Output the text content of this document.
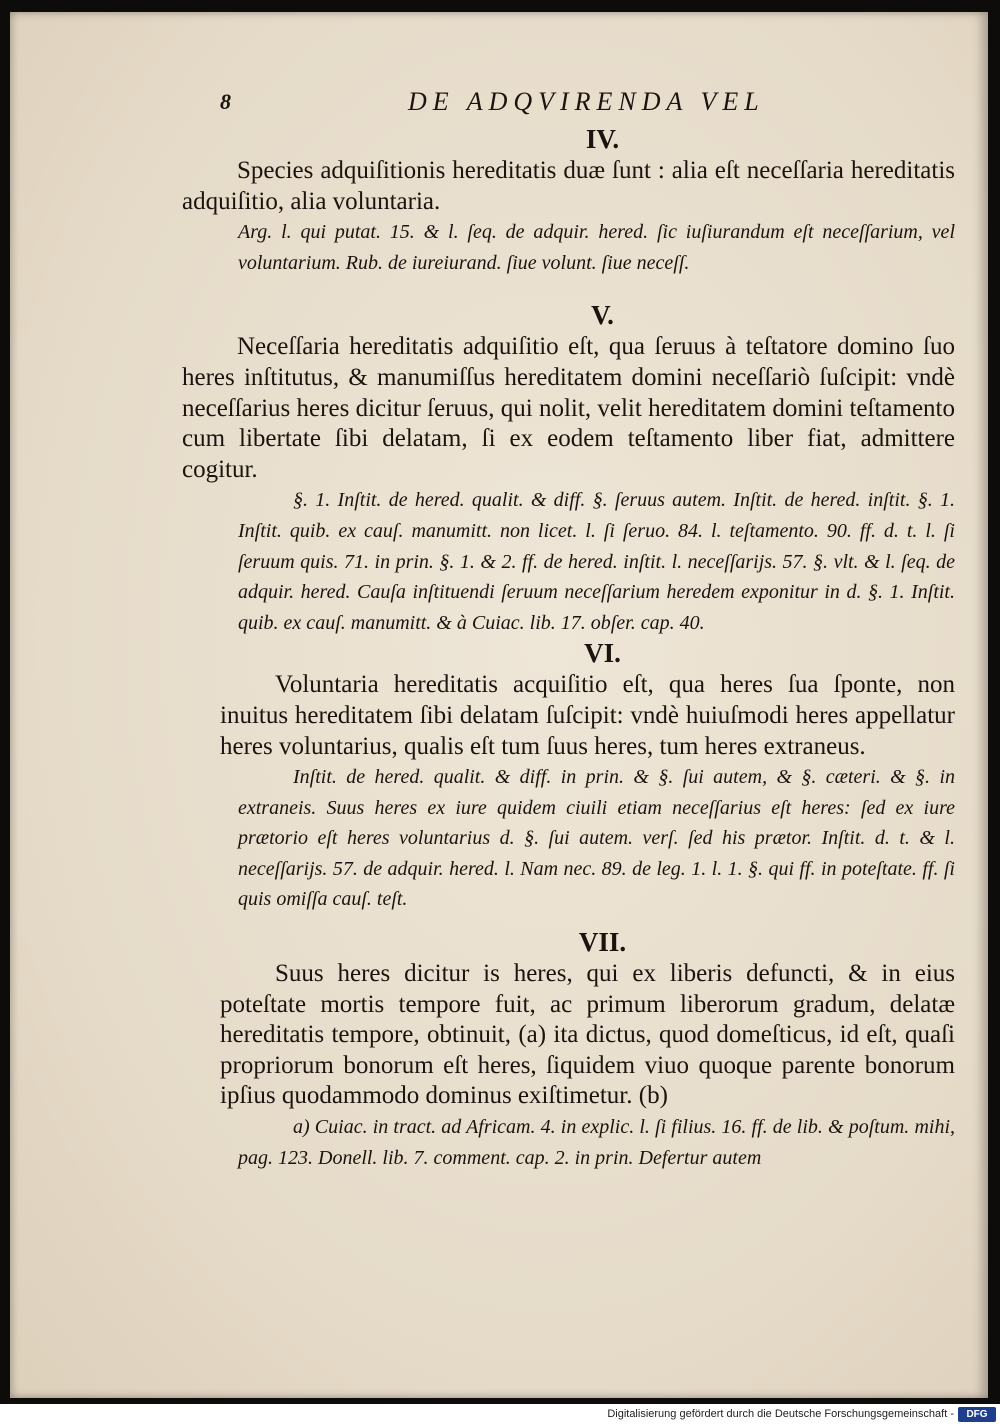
8	DE ADQVIRENDA VEL

IV.

Species adquiſitionis hereditatis duæ ſunt : alia eſt neceſſaria hereditatis adquiſitio, alia voluntaria.

Arg. l. qui putat. 15. & l. ſeq. de adquir. hered. ſic iuſiurandum eſt neceſſarium, vel voluntarium. Rub. de iureiurand. ſiue volunt. ſiue neceſſ.

V.

Neceſſaria hereditatis adquiſitio eſt, qua ſeruus à teſtatore domino ſuo heres inſtitutus, & manumiſſus hereditatem domini neceſſariò ſuſcipit: vndè neceſſarius heres dicitur ſeruus, qui nolit, velit hereditatem domini teſtamento cum libertate ſibi delatam, ſi ex eodem teſtamento liber fiat, admittere cogitur.

§. 1. Inſtit. de hered. qualit. & diff. §. ſeruus autem. Inſtit. de hered. inſtit. §. 1. Inſtit. quib. ex cauſ. manumitt. non licet. l. ſi ſeruo. 84. l. teſtamento. 90. ff. d. t. l. ſi ſeruum quis. 71. in prin. §. 1. & 2. ff. de hered. inſtit. l. neceſſarijs. 57. §. vlt. & l. ſeq. de adquir. hered. Cauſa inſtituendi ſeruum neceſſarium heredem exponitur in d. §. 1. Inſtit. quib. ex cauſ. manumitt. & à Cuiac. lib. 17. obſer. cap. 40.

VI.

Voluntaria hereditatis acquiſitio eſt, qua heres ſua ſponte, non inuitus hereditatem ſibi delatam ſuſcipit: vndè huiuſmodi heres appellatur heres voluntarius, qualis eſt tum ſuus heres, tum heres extraneus.

Inſtit. de hered. qualit. & diff. in prin. & §. ſui autem, & §. cæteri. & §. in extraneis. Suus heres ex iure quidem ciuili etiam neceſſarius eſt heres: ſed ex iure prætorio eſt heres voluntarius d. §. ſui autem. verſ. ſed his prætor. Inſtit. d. t. & l. neceſſarijs. 57. de adquir. hered. l. Nam nec. 89. de leg. 1. l. 1. §. qui ff. in poteſtate. ff. ſi quis omiſſa cauſ. teſt.

VII.

Suus heres dicitur is heres, qui ex liberis defuncti, & in eius poteſtate mortis tempore fuit, ac primum liberorum gradum, delatæ hereditatis tempore, obtinuit, (a) ita dictus, quod domeſticus, id eſt, quaſi propriorum bonorum eſt heres, ſiquidem viuo quoque parente bonorum ipſius quodammodo dominus exiſtimetur. (b)

a) Cuiac. in tract. ad Africam. 4. in explic. l. ſi filius. 16. ff. de lib. & poſtum. mihi, pag. 123. Donell. lib. 7. comment. cap. 2. in prin. Defertur autem

Digitalisierung gefördert durch die Deutsche Forschungsgemeinschaft -	DFG
